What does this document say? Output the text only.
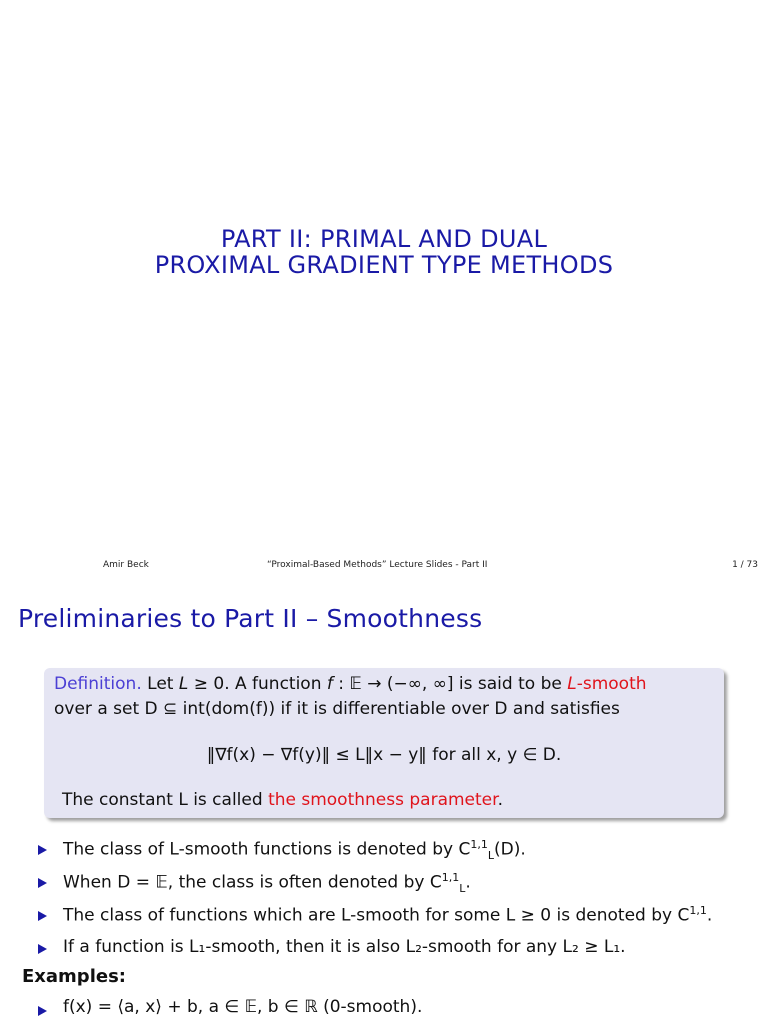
PART II: PRIMAL AND DUAL
PROXIMAL GRADIENT TYPE METHODS
Amir Beck	“Proximal-Based Methods” Lecture Slides - Part II	1 / 73
Preliminaries to Part II – Smoothness
Definition. Let L ≥ 0. A function f : 𝔼 → (−∞, ∞] is said to be L-smooth
over a set D ⊆ int(dom(f)) if it is differentiable over D and satisfies
‖∇f(x) − ∇f(y)‖ ≤ L‖x − y‖ for all x, y ∈ D.
The constant L is called the smoothness parameter.
The class of L-smooth functions is denoted by C$^{1,1}_L$(D).
When D = 𝔼, the class is often denoted by C$^{1,1}_L$.
The class of functions which are L-smooth for some L ≥ 0 is denoted by C$^{1,1}$.
If a function is L₁-smooth, then it is also L₂-smooth for any L₂ ≥ L₁.
Examples:
f(x) = ⟨a, x⟩ + b, a ∈ 𝔼, b ∈ ℝ (0-smooth).
